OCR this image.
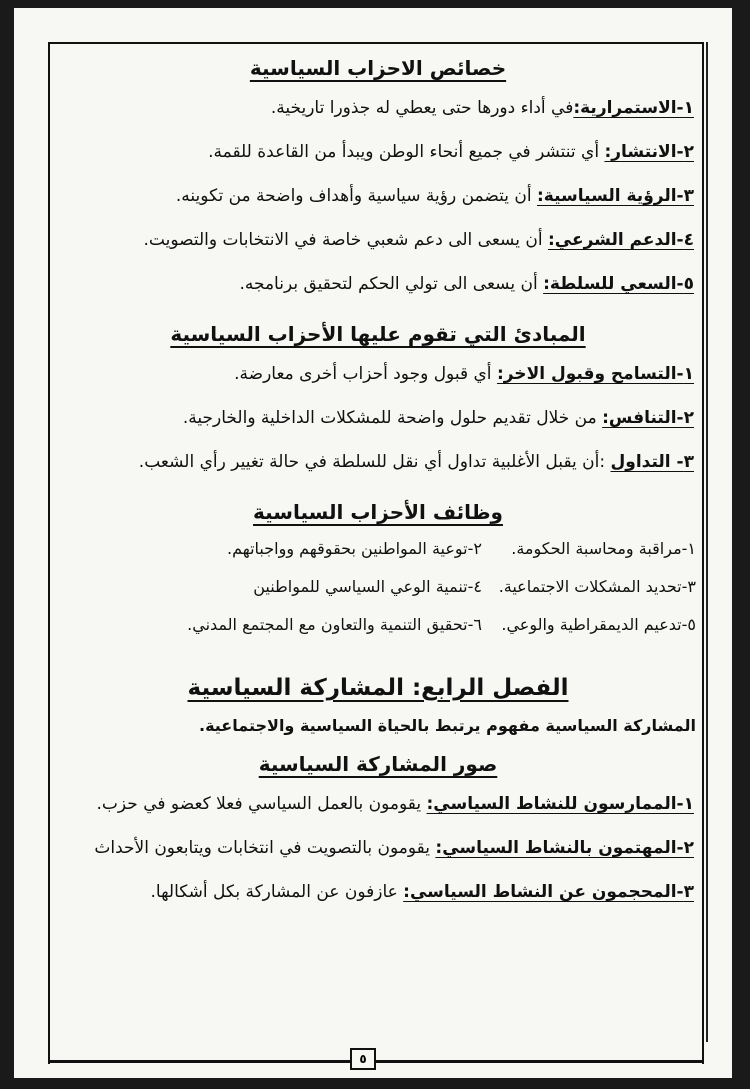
خصائص الاحزاب السياسية
١-الاستمرارية:في أداء دورها حتى يعطي له جذورا تاريخية.
٢-الانتشار: أي تنتشر في جميع أنحاء الوطن ويبدأ من القاعدة للقمة.
٣-الرؤية السياسية: أن يتضمن رؤية سياسية وأهداف واضحة من تكوينه.
٤-الدعم الشرعي: أن يسعى الى دعم شعبي خاصة في الانتخابات والتصويت.
٥-السعي للسلطة: أن يسعى الى تولي الحكم لتحقيق برنامجه.
المبادئ التي تقوم عليها الأحزاب السياسية
١-التسامح وقبول الاخر: أي قبول وجود أحزاب أخرى معارضة.
٢-التنافس: من خلال تقديم حلول واضحة للمشكلات الداخلية والخارجية.
٣- التداول :أن يقبل الأغلبية تداول أي نقل للسلطة في حالة تغيير رأي الشعب.
وظائف الأحزاب السياسية
١-مراقبة ومحاسبة الحكومة.
٢-توعية المواطنين بحقوقهم وواجباتهم.
٣-تحديد المشكلات الاجتماعية.
٤-تنمية الوعي السياسي للمواطنين
٥-تدعيم الديمقراطية والوعي.
٦-تحقيق التنمية والتعاون مع المجتمع المدني.
الفصل الرابع: المشاركة السياسية
المشاركة السياسية مفهوم يرتبط بالحياة السياسية والاجتماعية.
صور المشاركة السياسية
١-الممارسون للنشاط السياسي: يقومون بالعمل السياسي فعلا كعضو في حزب.
٢-المهتمون بالنشاط السياسي: يقومون بالتصويت في انتخابات ويتابعون الأحداث
٣-المحجمون عن النشاط السياسي: عازفون عن المشاركة بكل أشكالها.
٥
